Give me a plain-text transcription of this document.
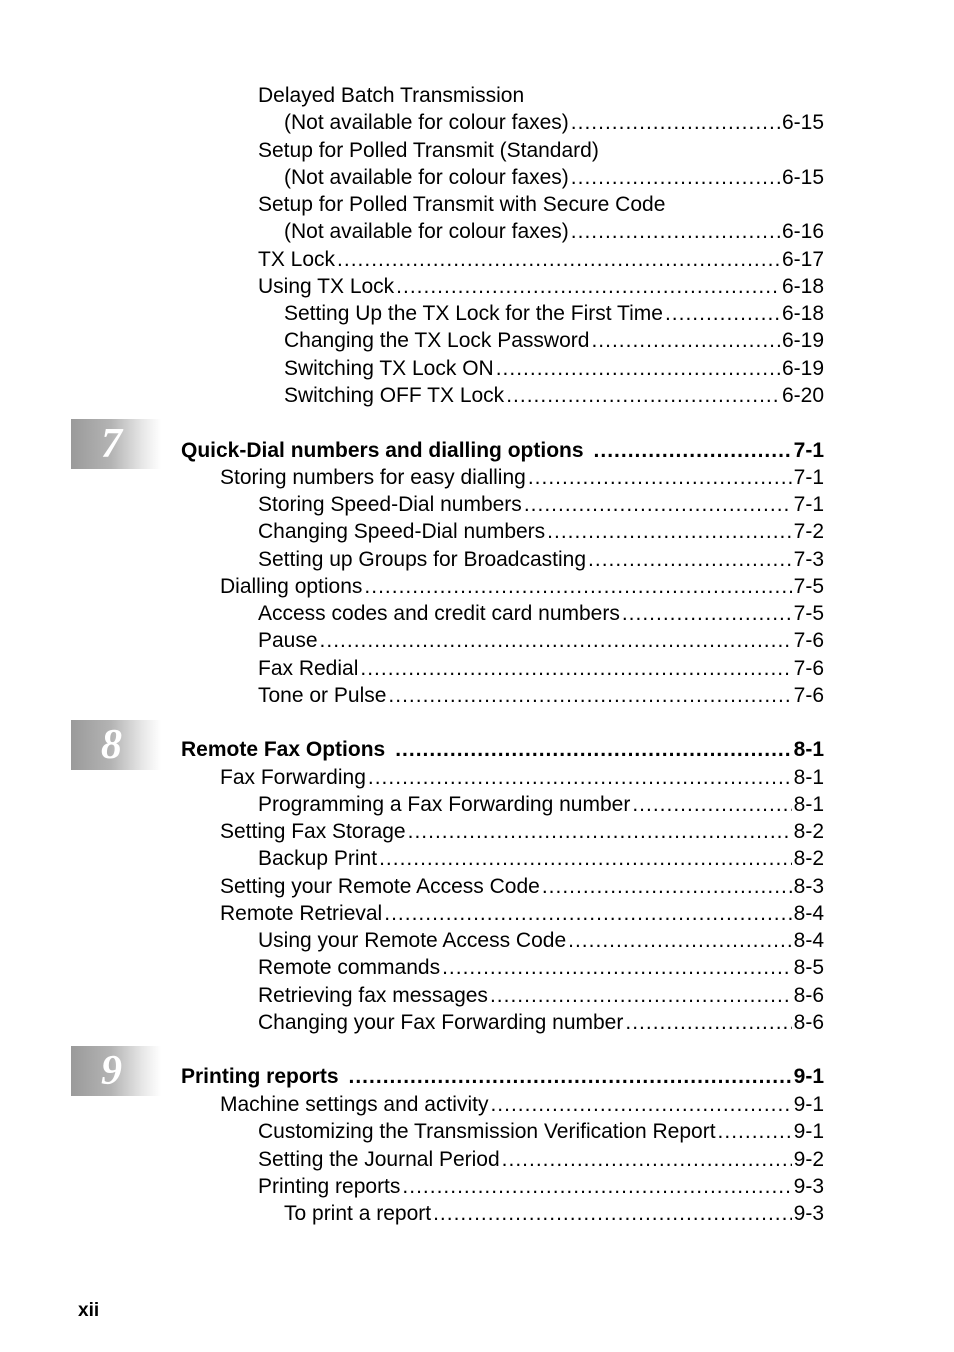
Delayed Batch Transmission
(Not available for colour faxes) .....	6-15
Setup for Polled Transmit (Standard)
(Not available for colour faxes) .....	6-15
Setup for Polled Transmit with Secure Code
(Not available for colour faxes) .....	6-16
TX Lock .....	6-17
Using TX Lock .....	6-18
Setting Up the TX Lock for the First Time .....	6-18
Changing the TX Lock Password .....	6-19
Switching TX Lock ON .....	6-19
Switching OFF TX Lock .....	6-20
7	Quick-Dial numbers and dialling options .....	7-1
Storing numbers for easy dialling .....	7-1
Storing Speed-Dial numbers .....	7-1
Changing Speed-Dial numbers .....	7-2
Setting up Groups for Broadcasting .....	7-3
Dialling options .....	7-5
Access codes and credit card numbers .....	7-5
Pause .....	7-6
Fax Redial .....	7-6
Tone or Pulse .....	7-6
8	Remote Fax Options .....	8-1
Fax Forwarding .....	8-1
Programming a Fax Forwarding number .....	8-1
Setting Fax Storage .....	8-2
Backup Print .....	8-2
Setting your Remote Access Code .....	8-3
Remote Retrieval .....	8-4
Using your Remote Access Code .....	8-4
Remote commands .....	8-5
Retrieving fax messages .....	8-6
Changing your Fax Forwarding number .....	8-6
9	Printing reports .....	9-1
Machine settings and activity .....	9-1
Customizing the Transmission Verification Report .....	9-1
Setting the Journal Period .....	9-2
Printing reports .....	9-3
To print a report .....	9-3
xii
